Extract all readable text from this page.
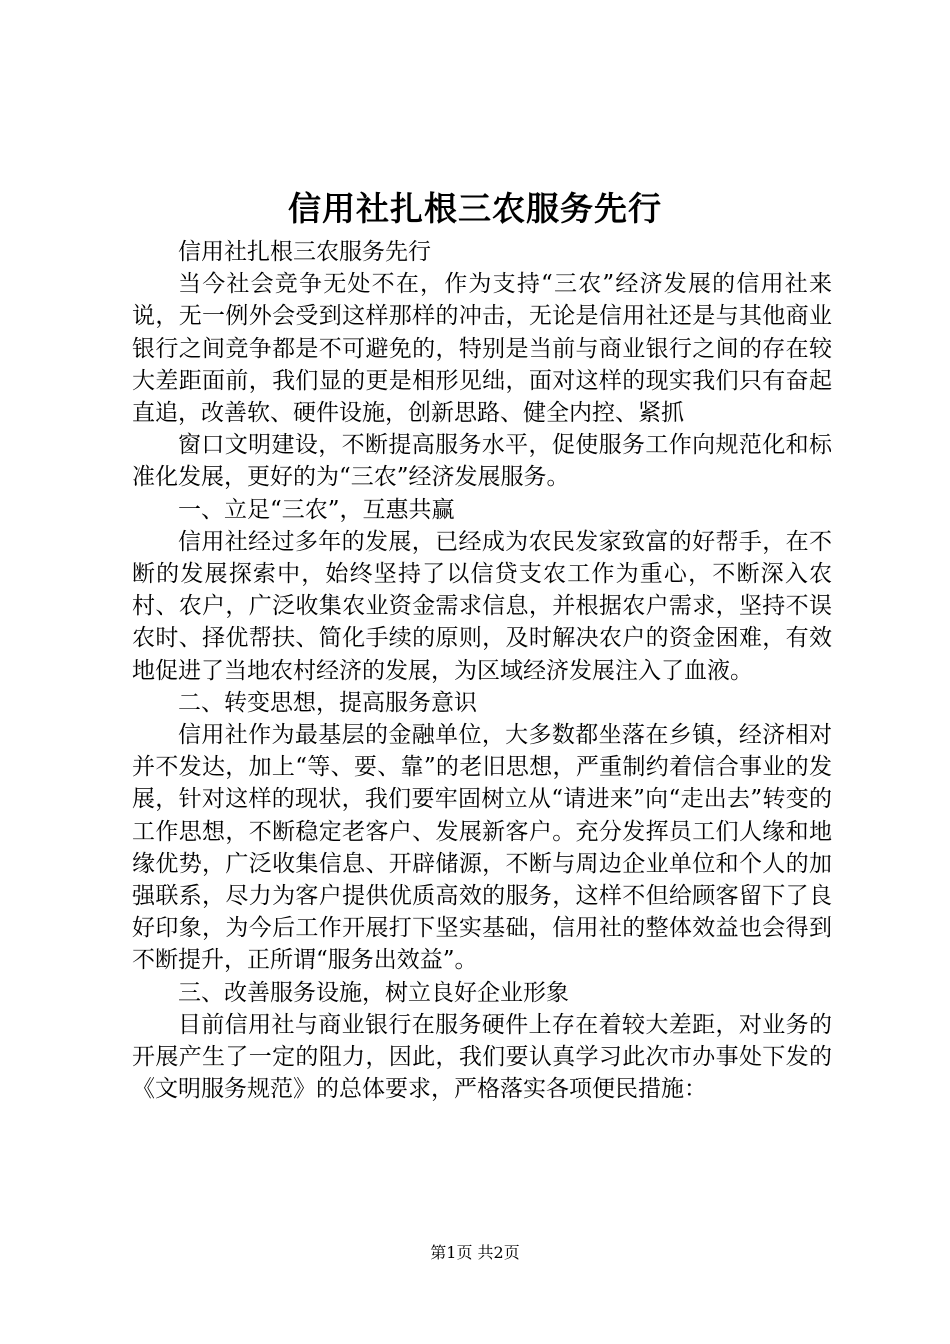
信用社扎根三农服务先行

信用社扎根三农服务先行

当今社会竞争无处不在，作为支持“三农”经济发展的信用社来说，无一例外会受到这样那样的冲击，无论是信用社还是与其他商业银行之间竞争都是不可避免的，特别是当前与商业银行之间的存在较大差距面前，我们显的更是相形见绌，面对这样的现实我们只有奋起直追，改善软、硬件设施，创新思路、健全内控、紧抓

窗口文明建设，不断提高服务水平，促使服务工作向规范化和标准化发展，更好的为“三农”经济发展服务。

一、立足“三农”，互惠共赢

信用社经过多年的发展，已经成为农民发家致富的好帮手，在不断的发展探索中，始终坚持了以信贷支农工作为重心，不断深入农村、农户，广泛收集农业资金需求信息，并根据农户需求，坚持不误农时、择优帮扶、简化手续的原则，及时解决农户的资金困难，有效地促进了当地农村经济的发展，为区域经济发展注入了血液。

二、转变思想，提高服务意识

信用社作为最基层的金融单位，大多数都坐落在乡镇，经济相对并不发达，加上“等、要、靠”的老旧思想，严重制约着信合事业的发展，针对这样的现状，我们要牢固树立从“请进来”向“走出去”转变的工作思想，不断稳定老客户、发展新客户。充分发挥员工们人缘和地缘优势，广泛收集信息、开辟储源，不断与周边企业单位和个人的加强联系，尽力为客户提供优质高效的服务，这样不但给顾客留下了良好印象，为今后工作开展打下坚实基础，信用社的整体效益也会得到不断提升，正所谓“服务出效益”。

三、改善服务设施，树立良好企业形象

目前信用社与商业银行在服务硬件上存在着较大差距，对业务的开展产生了一定的阻力，因此，我们要认真学习此次市办事处下发的《文明服务规范》的总体要求，严格落实各项便民措施：

第1页 共2页
